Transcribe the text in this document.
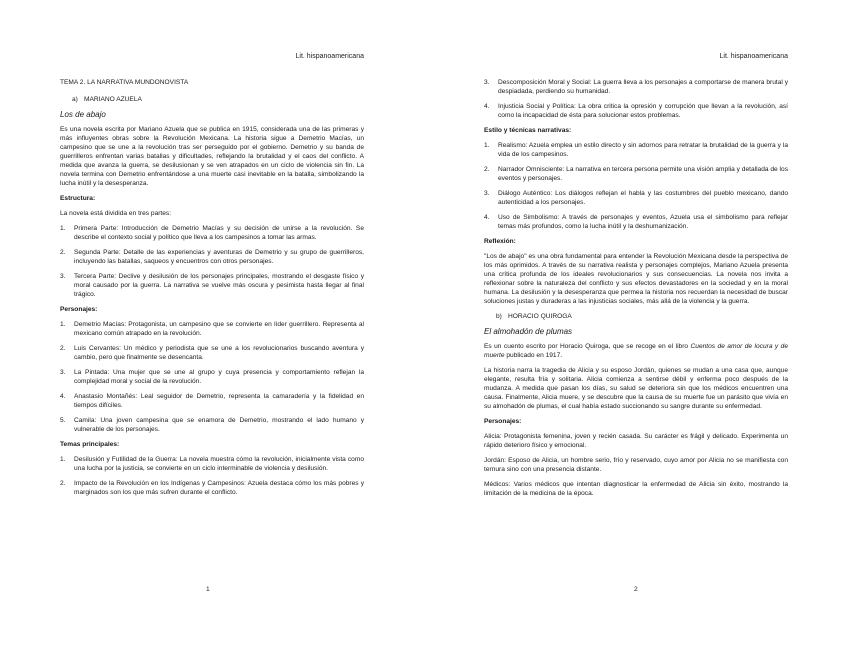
Lit. hispanoamericana
TEMA 2. LA NARRATIVA MUNDONOVISTA
a) MARIANO AZUELA
Los de abajo

Es una novela escrita por Mariano Azuela que se publica en 1915, considerada una de las primeras y más influyentes obras sobre la Revolución Mexicana. La historia sigue a Demetrio Macías, un campesino que se une a la revolución tras ser perseguido por el gobierno. Demetrio y su banda de guerrilleros enfrentan varias batallas y dificultades, reflejando la brutalidad y el caos del conflicto. A medida que avanza la guerra, se desilusionan y se ven atrapados en un ciclo de violencia sin fin. La novela termina con Demetrio enfrentándose a una muerte casi inevitable en la batalla, simbolizando la lucha inútil y la desesperanza.

Estructura:

La novela está dividida en tres partes:

1. Primera Parte: Introducción de Demetrio Macías y su decisión de unirse a la revolución. Se describe el contexto social y político que lleva a los campesinos a tomar las armas.
2. Segunda Parte: Detalle de las experiencias y aventuras de Demetrio y su grupo de guerrilleros, incluyendo las batallas, saqueos y encuentros con otros personajes.
3. Tercera Parte: Declive y desilusión de los personajes principales, mostrando el desgaste físico y moral causado por la guerra. La narrativa se vuelve más oscura y pesimista hasta llegar al final trágico.
Personajes:
1. Demetrio Macías: Protagonista, un campesino que se convierte en líder guerrillero. Representa al mexicano común atrapado en la revolución.
2. Luis Cervantes: Un médico y periodista que se une a los revolucionarios buscando aventura y cambio, pero que finalmente se desencanta.
3. La Pintada: Una mujer que se une al grupo y cuya presencia y comportamiento reflejan la complejidad moral y social de la revolución.
4. Anastasio Montañés: Leal seguidor de Demetrio, representa la camaradería y la fidelidad en tiempos difíciles.
5. Camila: Una joven campesina que se enamora de Demetrio, mostrando el lado humano y vulnerable de los personajes.
Temas principales:
1. Desilusión y Futilidad de la Guerra: La novela muestra cómo la revolución, inicialmente vista como una lucha por la justicia, se convierte en un ciclo interminable de violencia y desilusión.
2. Impacto de la Revolución en los Indígenas y Campesinos: Azuela destaca cómo los más pobres y marginados son los que más sufren durante el conflicto.
1
Lit. hispanoamericana
3. Descomposición Moral y Social: La guerra lleva a los personajes a comportarse de manera brutal y despiadada, perdiendo su humanidad.
4. Injusticia Social y Política: La obra critica la opresión y corrupción que llevan a la revolución, así como la incapacidad de ésta para solucionar estos problemas.
Estilo y técnicas narrativas:
1. Realismo: Azuela emplea un estilo directo y sin adornos para retratar la brutalidad de la guerra y la vida de los campesinos.
2. Narrador Omnisciente: La narrativa en tercera persona permite una visión amplia y detallada de los eventos y personajes.
3. Diálogo Auténtico: Los diálogos reflejan el habla y las costumbres del pueblo mexicano, dando autenticidad a los personajes.
4. Uso de Simbolismo: A través de personajes y eventos, Azuela usa el simbolismo para reflejar temas más profundos, como la lucha inútil y la deshumanización.
Reflexión:

"Los de abajo" es una obra fundamental para entender la Revolución Mexicana desde la perspectiva de los más oprimidos. A través de su narrativa realista y personajes complejos, Mariano Azuela presenta una crítica profunda de los ideales revolucionarios y sus consecuencias. La novela nos invita a reflexionar sobre la naturaleza del conflicto y sus efectos devastadores en la sociedad y en la moral humana. La desilusión y la desesperanza que permea la historia nos recuerdan la necesidad de buscar soluciones justas y duraderas a las injusticias sociales, más allá de la violencia y la guerra.

b) HORACIO QUIROGA
El almohadón de plumas

Es un cuento escrito por Horacio Quiroga, que se recoge en el libro Cuentos de amor de locura y de muerte publicado en 1917.

La historia narra la tragedia de Alicia y su esposo Jordán, quienes se mudan a una casa que, aunque elegante, resulta fría y solitaria. Alicia comienza a sentirse débil y enferma poco después de la mudanza. A medida que pasan los días, su salud se deteriora sin que los médicos encuentren una causa. Finalmente, Alicia muere, y se descubre que la causa de su muerte fue un parásito que vivía en su almohadón de plumas, el cual había estado succionando su sangre durante su enfermedad.

Personajes:

Alicia: Protagonista femenina, joven y recién casada. Su carácter es frágil y delicado. Experimenta un rápido deterioro físico y emocional.

Jordán: Esposo de Alicia, un hombre serio, frío y reservado, cuyo amor por Alicia no se manifiesta con ternura sino con una presencia distante.

Médicos: Varios médicos que intentan diagnosticar la enfermedad de Alicia sin éxito, mostrando la limitación de la medicina de la época.

2
